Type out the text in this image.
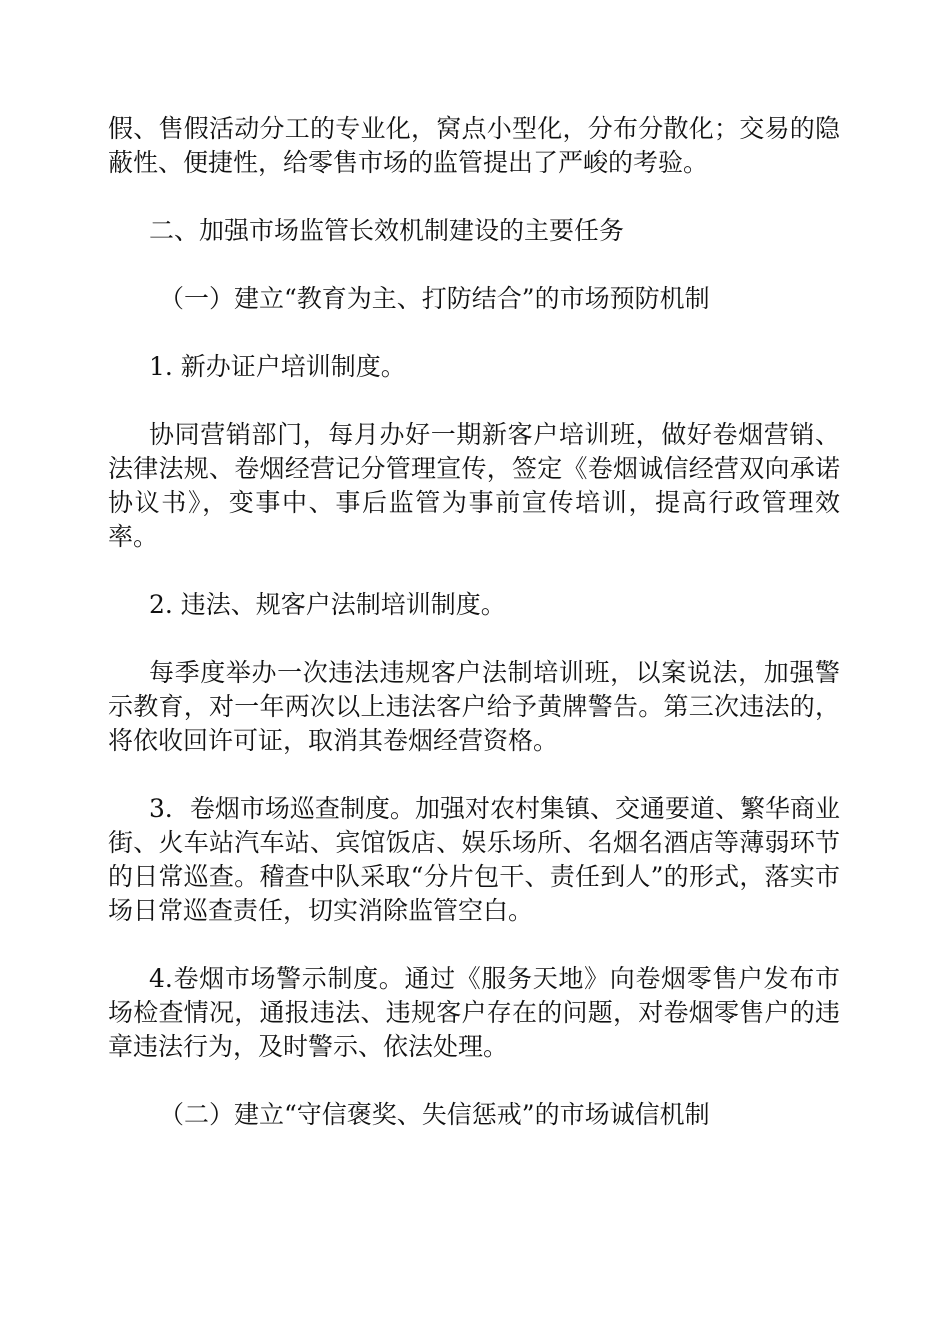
假、售假活动分工的专业化，窝点小型化，分布分散化；交易的隐蔽性、便捷性，给零售市场的监管提出了严峻的考验。

二、加强市场监管长效机制建设的主要任务

（一）建立“教育为主、打防结合”的市场预防机制

1. 新办证户培训制度。

协同营销部门，每月办好一期新客户培训班，做好卷烟营销、法律法规、卷烟经营记分管理宣传，签定《卷烟诚信经营双向承诺协议书》，变事中、事后监管为事前宣传培训，提高行政管理效率。

2. 违法、规客户法制培训制度。

每季度举办一次违法违规客户法制培训班，以案说法，加强警示教育，对一年两次以上违法客户给予黄牌警告。第三次违法的，将依收回许可证，取消其卷烟经营资格。

3．卷烟市场巡查制度。加强对农村集镇、交通要道、繁华商业街、火车站汽车站、宾馆饭店、娱乐场所、名烟名酒店等薄弱环节的日常巡查。稽查中队采取“分片包干、责任到人”的形式，落实市场日常巡查责任，切实消除监管空白。

4.卷烟市场警示制度。通过《服务天地》向卷烟零售户发布市场检查情况，通报违法、违规客户存在的问题，对卷烟零售户的违章违法行为，及时警示、依法处理。

（二）建立“守信褒奖、失信惩戒”的市场诚信机制
